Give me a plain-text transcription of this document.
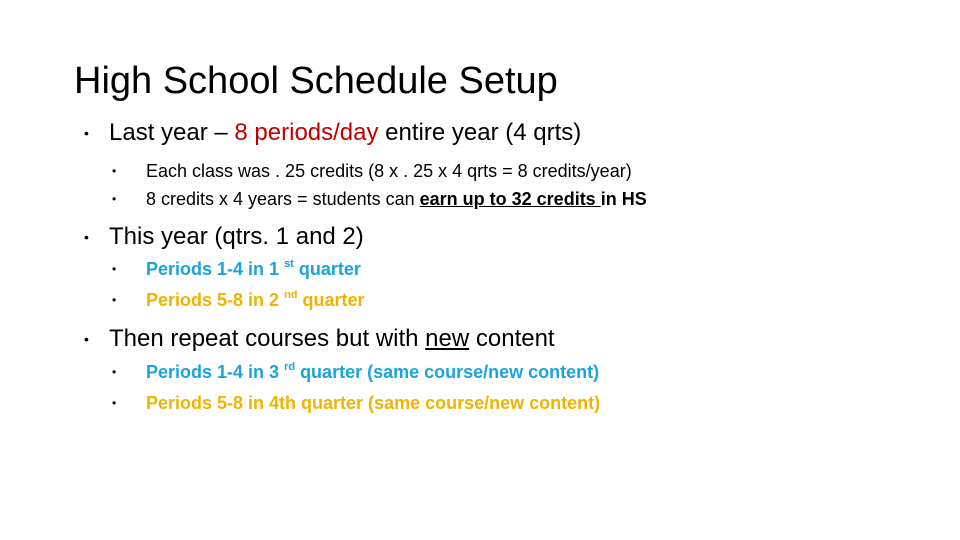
High School Schedule Setup
• Last year – 8 periods/day entire year (4 qrts)
• Each class was . 25 credits (8 x . 25 x 4 qrts = 8 credits/year)
• 8 credits x 4 years = students can earn up to 32 credits in HS
• This year (qtrs. 1 and 2)
• Periods 1-4 in 1 $^{st}$ quarter
• Periods 5-8 in 2 $^{nd}$ quarter
• Then repeat courses but with new content
• Periods 1-4 in 3 $^{rd}$ quarter (same course/new content)
• Periods 5-8 in 4th quarter (same course/new content)
